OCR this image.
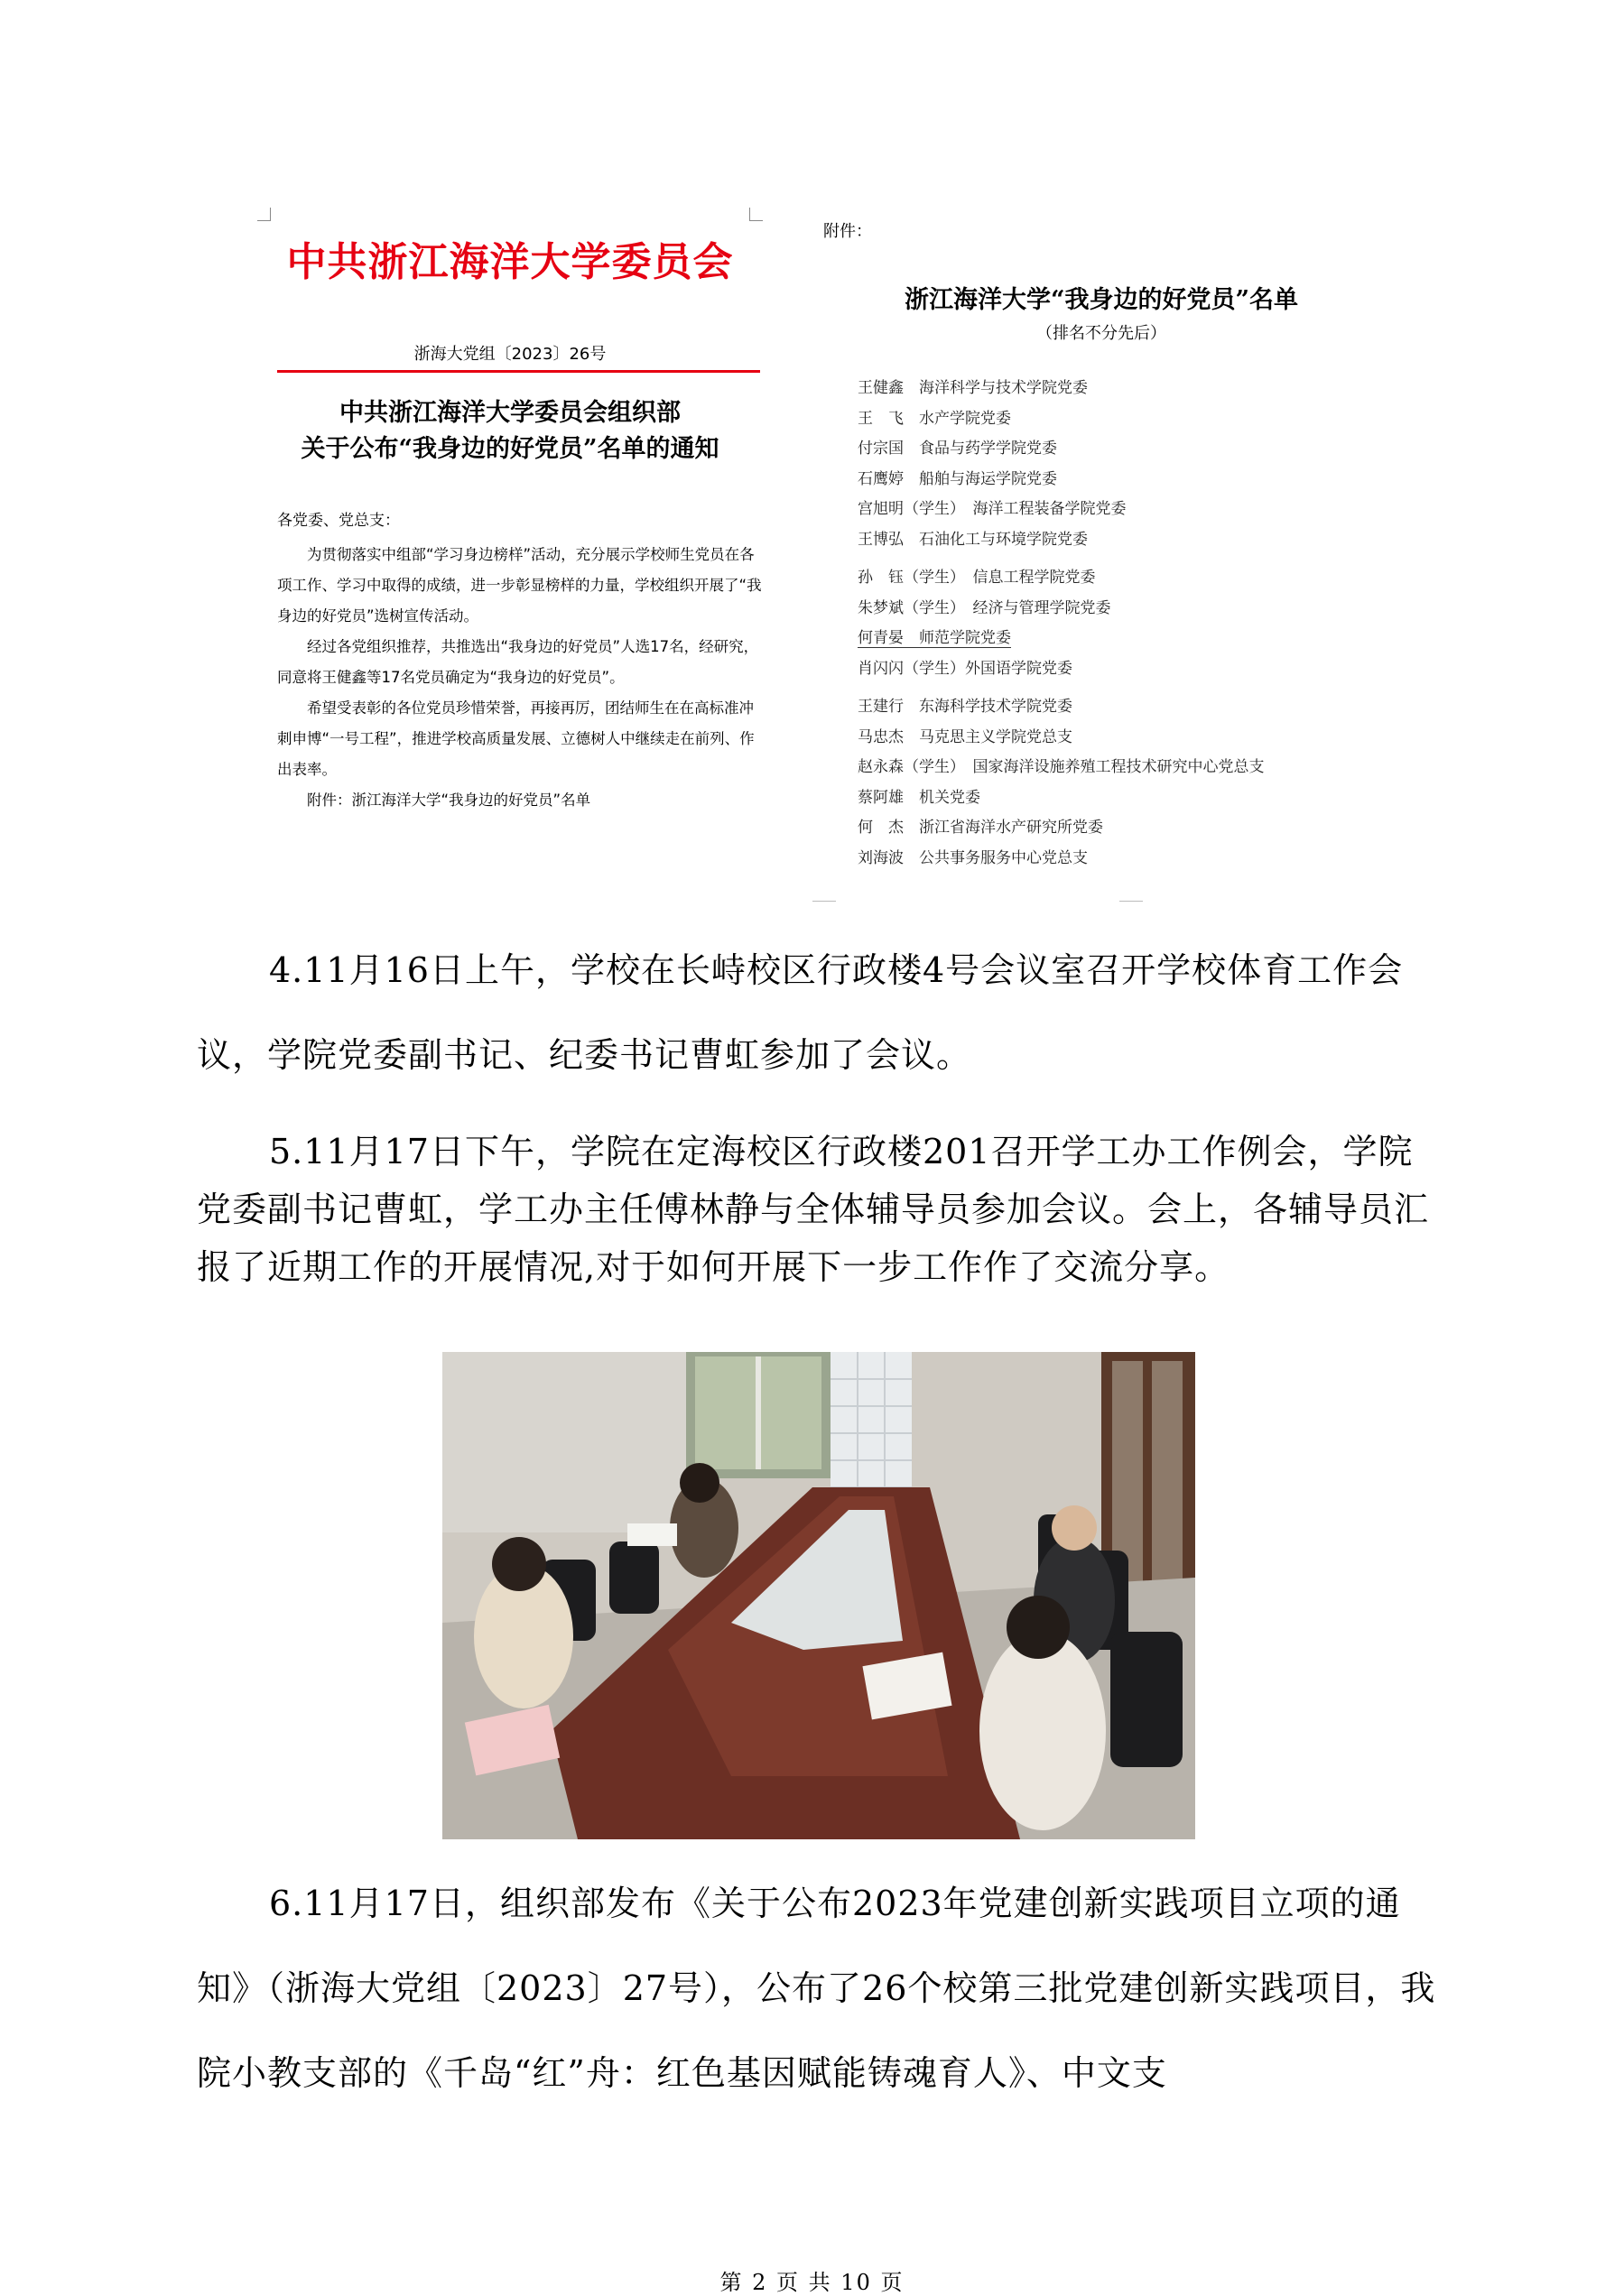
中共浙江海洋大学委员会
浙海大党组〔2023〕26号
中共浙江海洋大学委员会组织部
关于公布“我身边的好党员”名单的通知
各党委、党总支：

为贯彻落实中组部“学习身边榜样”活动，充分展示学校师生党员在各项工作、学习中取得的成绩，进一步彰显榜样的力量，学校组织开展了“我身边的好党员”选树宣传活动。

经过各党组织推荐，共推选出“我身边的好党员”人选17名，经研究，同意将王健鑫等17名党员确定为“我身边的好党员”。

希望受表彰的各位党员珍惜荣誉，再接再厉，团结师生在在高标准冲刺申博“一号工程”，推进学校高质量发展、立德树人中继续走在前列、作出表率。

附件：浙江海洋大学“我身边的好党员”名单

附件：
浙江海洋大学“我身边的好党员”名单
（排名不分先后）
王健鑫　海洋科学与技术学院党委
王　飞　水产学院党委
付宗国　食品与药学学院党委
石鹰婷　船舶与海运学院党委
宫旭明（学生）　海洋工程装备学院党委
王博弘　石油化工与环境学院党委
孙　钰（学生）　信息工程学院党委
朱梦斌（学生）　经济与管理学院党委
何青晏　师范学院党委
肖闪闪（学生）外国语学院党委
王建行　东海科学技术学院党委
马忠杰　马克思主义学院党总支
赵永森（学生）　国家海洋设施养殖工程技术研究中心党总支
蔡阿雄　机关党委
何　杰　浙江省海洋水产研究所党委
刘海波　公共事务服务中心党总支

4.11月16日上午，学校在长峙校区行政楼4号会议室召开学校体育工作会议，学院党委副书记、纪委书记曹虹参加了会议。

5.11月17日下午，学院在定海校区行政楼201召开学工办工作例会，学院党委副书记曹虹，学工办主任傅林静与全体辅导员参加会议。会上，各辅导员汇报了近期工作的开展情况,对于如何开展下一步工作作了交流分享。

6.11月17日，组织部发布《关于公布2023年党建创新实践项目立项的通知》（浙海大党组〔2023〕27号），公布了26个校第三批党建创新实践项目，我院小教支部的《千岛“红”舟：红色基因赋能铸魂育人》、中文支

第 2 页 共 10 页
